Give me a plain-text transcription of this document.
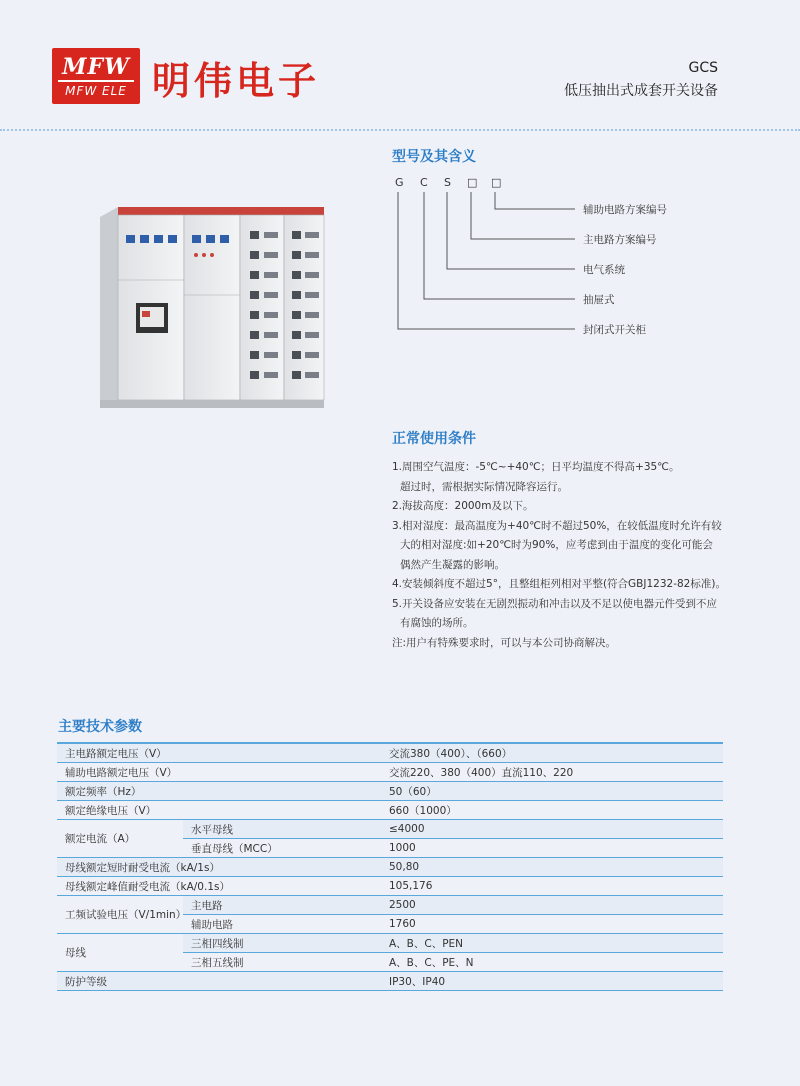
MFW
MFW ELE 明伟电子	GCS
低压抽出式成套开关设备
型号及其含义
G C S □ □
辅助电路方案编号
主电路方案编号
电气系统
抽屉式
封闭式开关柜
正常使用条件

1.周围空气温度：-5℃~+40℃；日平均温度不得高+35℃。

超过时，需根据实际情况降容运行。

2.海拔高度：2000m及以下。

3.相对湿度：最高温度为+40℃时不超过50%，在较低温度时允许有较

大的相对湿度:如+20℃时为90%，应考虑到由于温度的变化可能会

偶然产生凝露的影响。

4.安装倾斜度不超过5°，且整组柜列相对平整(符合GBJ1232-82标准)。

5.开关设备应安装在无剧烈振动和冲击以及不足以使电器元件受到不应

有腐蚀的场所。

注:用户有特殊要求时，可以与本公司协商解决。

主要技术参数
主电路额定电压（V）		交流380（400）、（660）
辅助电路额定电压（V）		交流220、380（400）直流110、220
额定频率（Hz）		50（60）
额定绝缘电压（V）		660（1000）
额定电流（A）	水平母线	≤4000
	垂直母线（MCC）	1000
母线额定短时耐受电流（kA/1s）		50,80
母线额定峰值耐受电流（kA/0.1s）		105,176
工频试验电压（V/1min）	主电路	2500
	辅助电路	1760
母线	三相四线制	A、B、C、PEN
	三相五线制	A、B、C、PE、N
防护等级		IP30、IP40
